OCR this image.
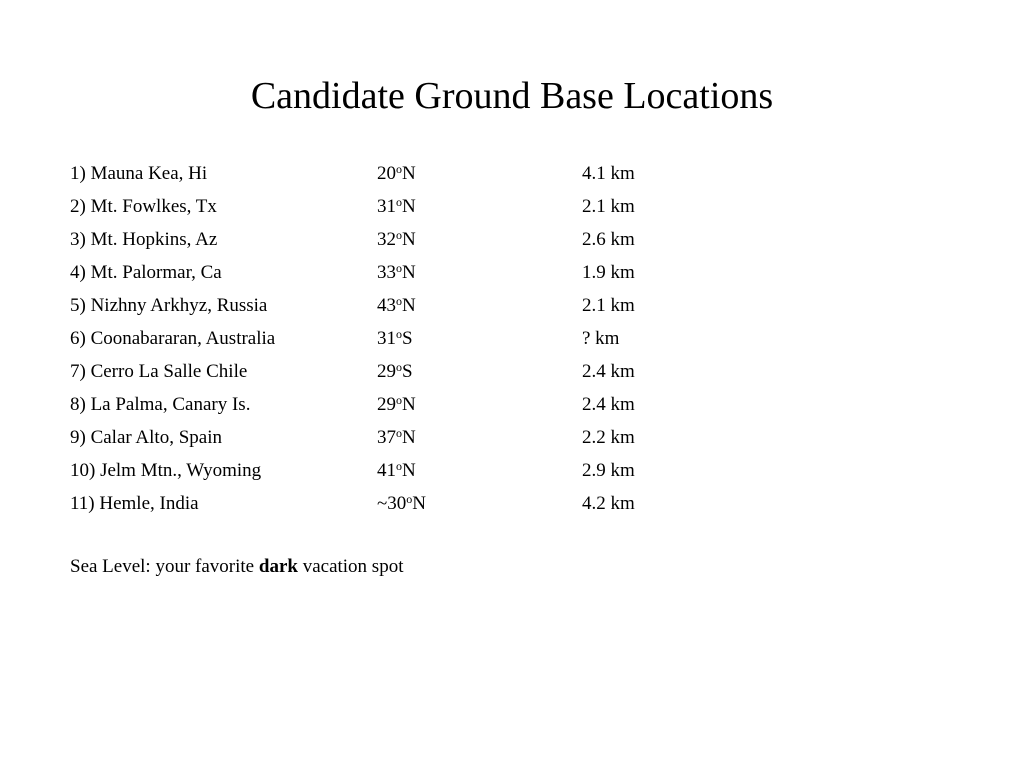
Candidate Ground Base Locations
1) Mauna Kea, Hi	20$^o$N	4.1 km
2) Mt. Fowlkes, Tx	31$^o$N	2.1 km
3) Mt. Hopkins, Az	32$^o$N	2.6 km
4) Mt. Palormar, Ca	33$^o$N	1.9 km
5) Nizhny Arkhyz, Russia	43$^o$N	2.1 km
6) Coonabararan, Australia	31$^o$S	? km
7) Cerro La Salle Chile	29$^o$S	2.4 km
8) La Palma, Canary Is.	29$^o$N	2.4 km
9) Calar Alto, Spain	37$^o$N	2.2 km
10) Jelm Mtn., Wyoming	41$^o$N	2.9 km
11) Hemle, India	~30$^o$N	4.2 km
Sea Level: your favorite dark vacation spot
